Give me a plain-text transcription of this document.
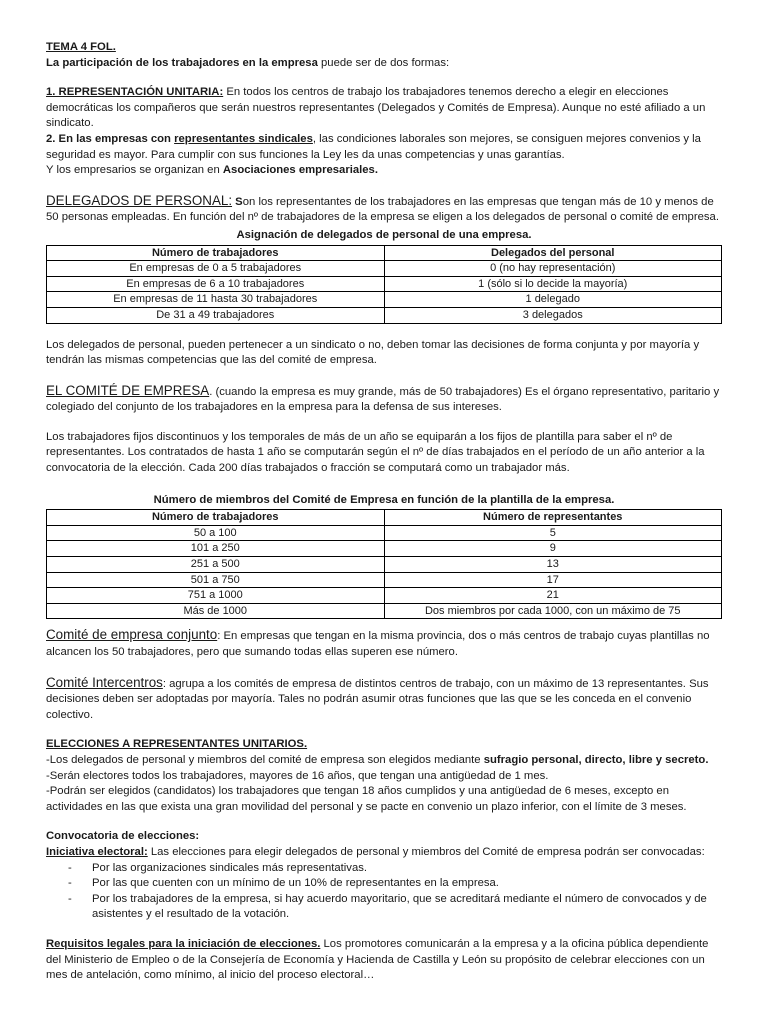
TEMA 4 FOL.

La participación de los trabajadores en la empresa puede ser de dos formas:

1. REPRESENTACIÓN UNITARIA: En todos los centros de trabajo los trabajadores tenemos derecho a elegir en elecciones democráticas los compañeros que serán nuestros representantes (Delegados y Comités de Empresa). Aunque no esté afiliado a un sindicato.

2. En las empresas con representantes sindicales, las condiciones laborales son mejores, se consiguen mejores convenios y la seguridad es mayor. Para cumplir con sus funciones la Ley les da unas competencias y unas garantías.

Y los empresarios se organizan en Asociaciones empresariales.

DELEGADOS DE PERSONAL: Son los representantes de los trabajadores en las empresas que tengan más de 10 y menos de 50 personas empleadas. En función del nº de trabajadores de la empresa se eligen a los delegados de personal o comité de empresa.

Asignación de delegados de personal de una empresa.

Número de trabajadores	Delegados del personal
En empresas de 0 a 5 trabajadores	0 (no hay representación)
En empresas de 6 a 10 trabajadores	1 (sólo si lo decide la mayoría)
En empresas de 11 hasta 30 trabajadores	1 delegado
De 31 a 49 trabajadores	3 delegados

Los delegados de personal, pueden pertenecer a un sindicato o no, deben tomar las decisiones de forma conjunta y por mayoría y tendrán las mismas competencias que las del comité de empresa.

EL COMITÉ DE EMPRESA. (cuando la empresa es muy grande, más de 50 trabajadores) Es el órgano representativo, paritario y colegiado del conjunto de los trabajadores en la empresa para la defensa de sus intereses.

Los trabajadores fijos discontinuos y los temporales de más de un año se equiparán a los fijos de plantilla para saber el nº de representantes. Los contratados de hasta 1 año se computarán según el nº de días trabajados en el período de un año anterior a la convocatoria de la elección. Cada 200 días trabajados o fracción se computará como un trabajador más.

Número de miembros del Comité de Empresa en función de la plantilla de la empresa.

Número de trabajadores	Número de representantes
50 a 100	5
101 a 250	9
251 a 500	13
501 a 750	17
751 a 1000	21
Más de 1000	Dos miembros por cada 1000, con un máximo de 75

Comité de empresa conjunto: En empresas que tengan en la misma provincia, dos o más centros de trabajo cuyas plantillas no alcancen los 50 trabajadores, pero que sumando todas ellas superen ese número.

Comité Intercentros: agrupa a los comités de empresa de distintos centros de trabajo, con un máximo de 13 representantes. Sus decisiones deben ser adoptadas por mayoría. Tales no podrán asumir otras funciones que las que se les conceda en el convenio colectivo.

ELECCIONES A REPRESENTANTES UNITARIOS.

-Los delegados de personal y miembros del comité de empresa son elegidos mediante sufragio personal, directo, libre y secreto.

-Serán electores todos los trabajadores, mayores de 16 años, que tengan una antigüedad de 1 mes.

-Podrán ser elegidos (candidatos) los trabajadores que tengan 18 años cumplidos y una antigüedad de 6 meses, excepto en actividades en las que exista una gran movilidad del personal y se pacte en convenio un plazo inferior, con el límite de 3 meses.

Convocatoria de elecciones:

Iniciativa electoral: Las elecciones para elegir delegados de personal y miembros del Comité de empresa podrán ser convocadas:

- Por las organizaciones sindicales más representativas.
- Por las que cuenten con un mínimo de un 10% de representantes en la empresa.
- Por los trabajadores de la empresa, si hay acuerdo mayoritario, que se acreditará mediante el número de convocados y de asistentes y el resultado de la votación.

Requisitos legales para la iniciación de elecciones. Los promotores comunicarán a la empresa y a la oficina pública dependiente del Ministerio de Empleo o de la Consejería de Economía y Hacienda de Castilla y León su propósito de celebrar elecciones con un mes de antelación, como mínimo, al inicio del proceso electoral…
